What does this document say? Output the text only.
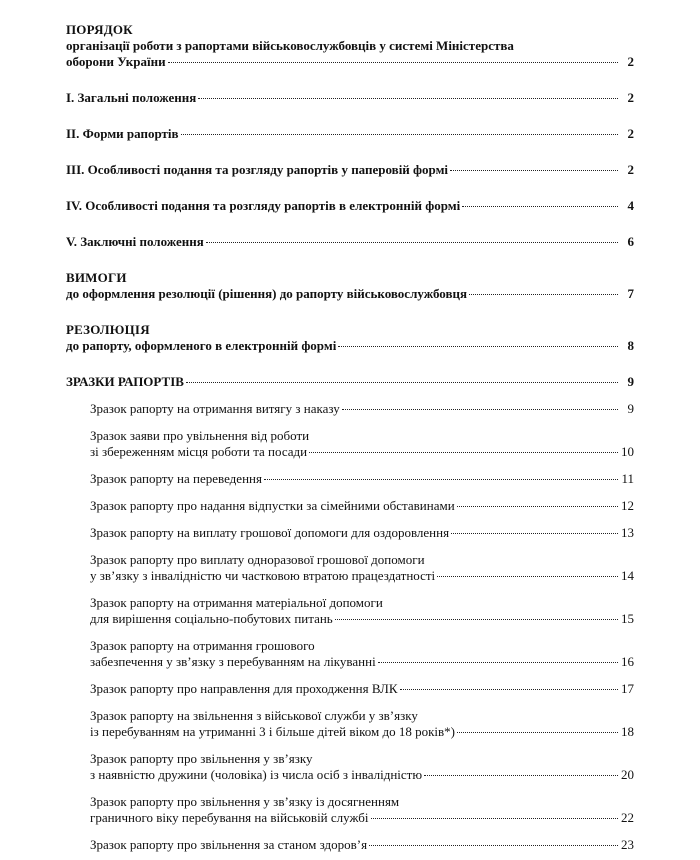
ПОРЯДОК
організації роботи з рапортами військовослужбовців у системі Міністерства
оборони України	2
І. Загальні положення	2
ІІ. Форми рапортів	2
ІІІ. Особливості подання та розгляду рапортів у паперовій формі	2
ІV. Особливості подання та розгляду рапортів в електронній формі	4
V. Заключні положення	6
ВИМОГИ
до оформлення резолюції (рішення) до рапорту військовослужбовця	7
РЕЗОЛЮЦІЯ
до рапорту, оформленого в електронній формі	8
ЗРАЗКИ РАПОРТІВ	9
Зразок рапорту на отримання витягу з наказу	9
Зразок заяви про увільнення від роботи
зі збереженням місця роботи та посади	10
Зразок рапорту на переведення	11
Зразок рапорту про надання відпустки за сімейними обставинами	12
Зразок рапорту на виплату грошової допомоги для оздоровлення	13
Зразок рапорту про виплату одноразової грошової допомоги
у зв’язку з інвалідністю чи частковою втратою працездатності	14
Зразок рапорту на отримання матеріальної допомоги
для вирішення соціально-побутових питань	15
Зразок рапорту на отримання грошового
забезпечення у зв’язку з перебуванням на лікуванні	16
Зразок рапорту про направлення для проходження ВЛК	17
Зразок рапорту на звільнення з військової служби у зв’язку
із перебуванням на утриманні 3 і більше дітей віком до 18 років*)	18
Зразок рапорту про звільнення у зв’язку
з наявністю дружини (чоловіка) із числа осіб з інвалідністю	20
Зразок рапорту про звільнення у зв’язку із досягненням
граничного віку перебування на військовій службі	22
Зразок рапорту про звільнення за станом здоров’я	23
